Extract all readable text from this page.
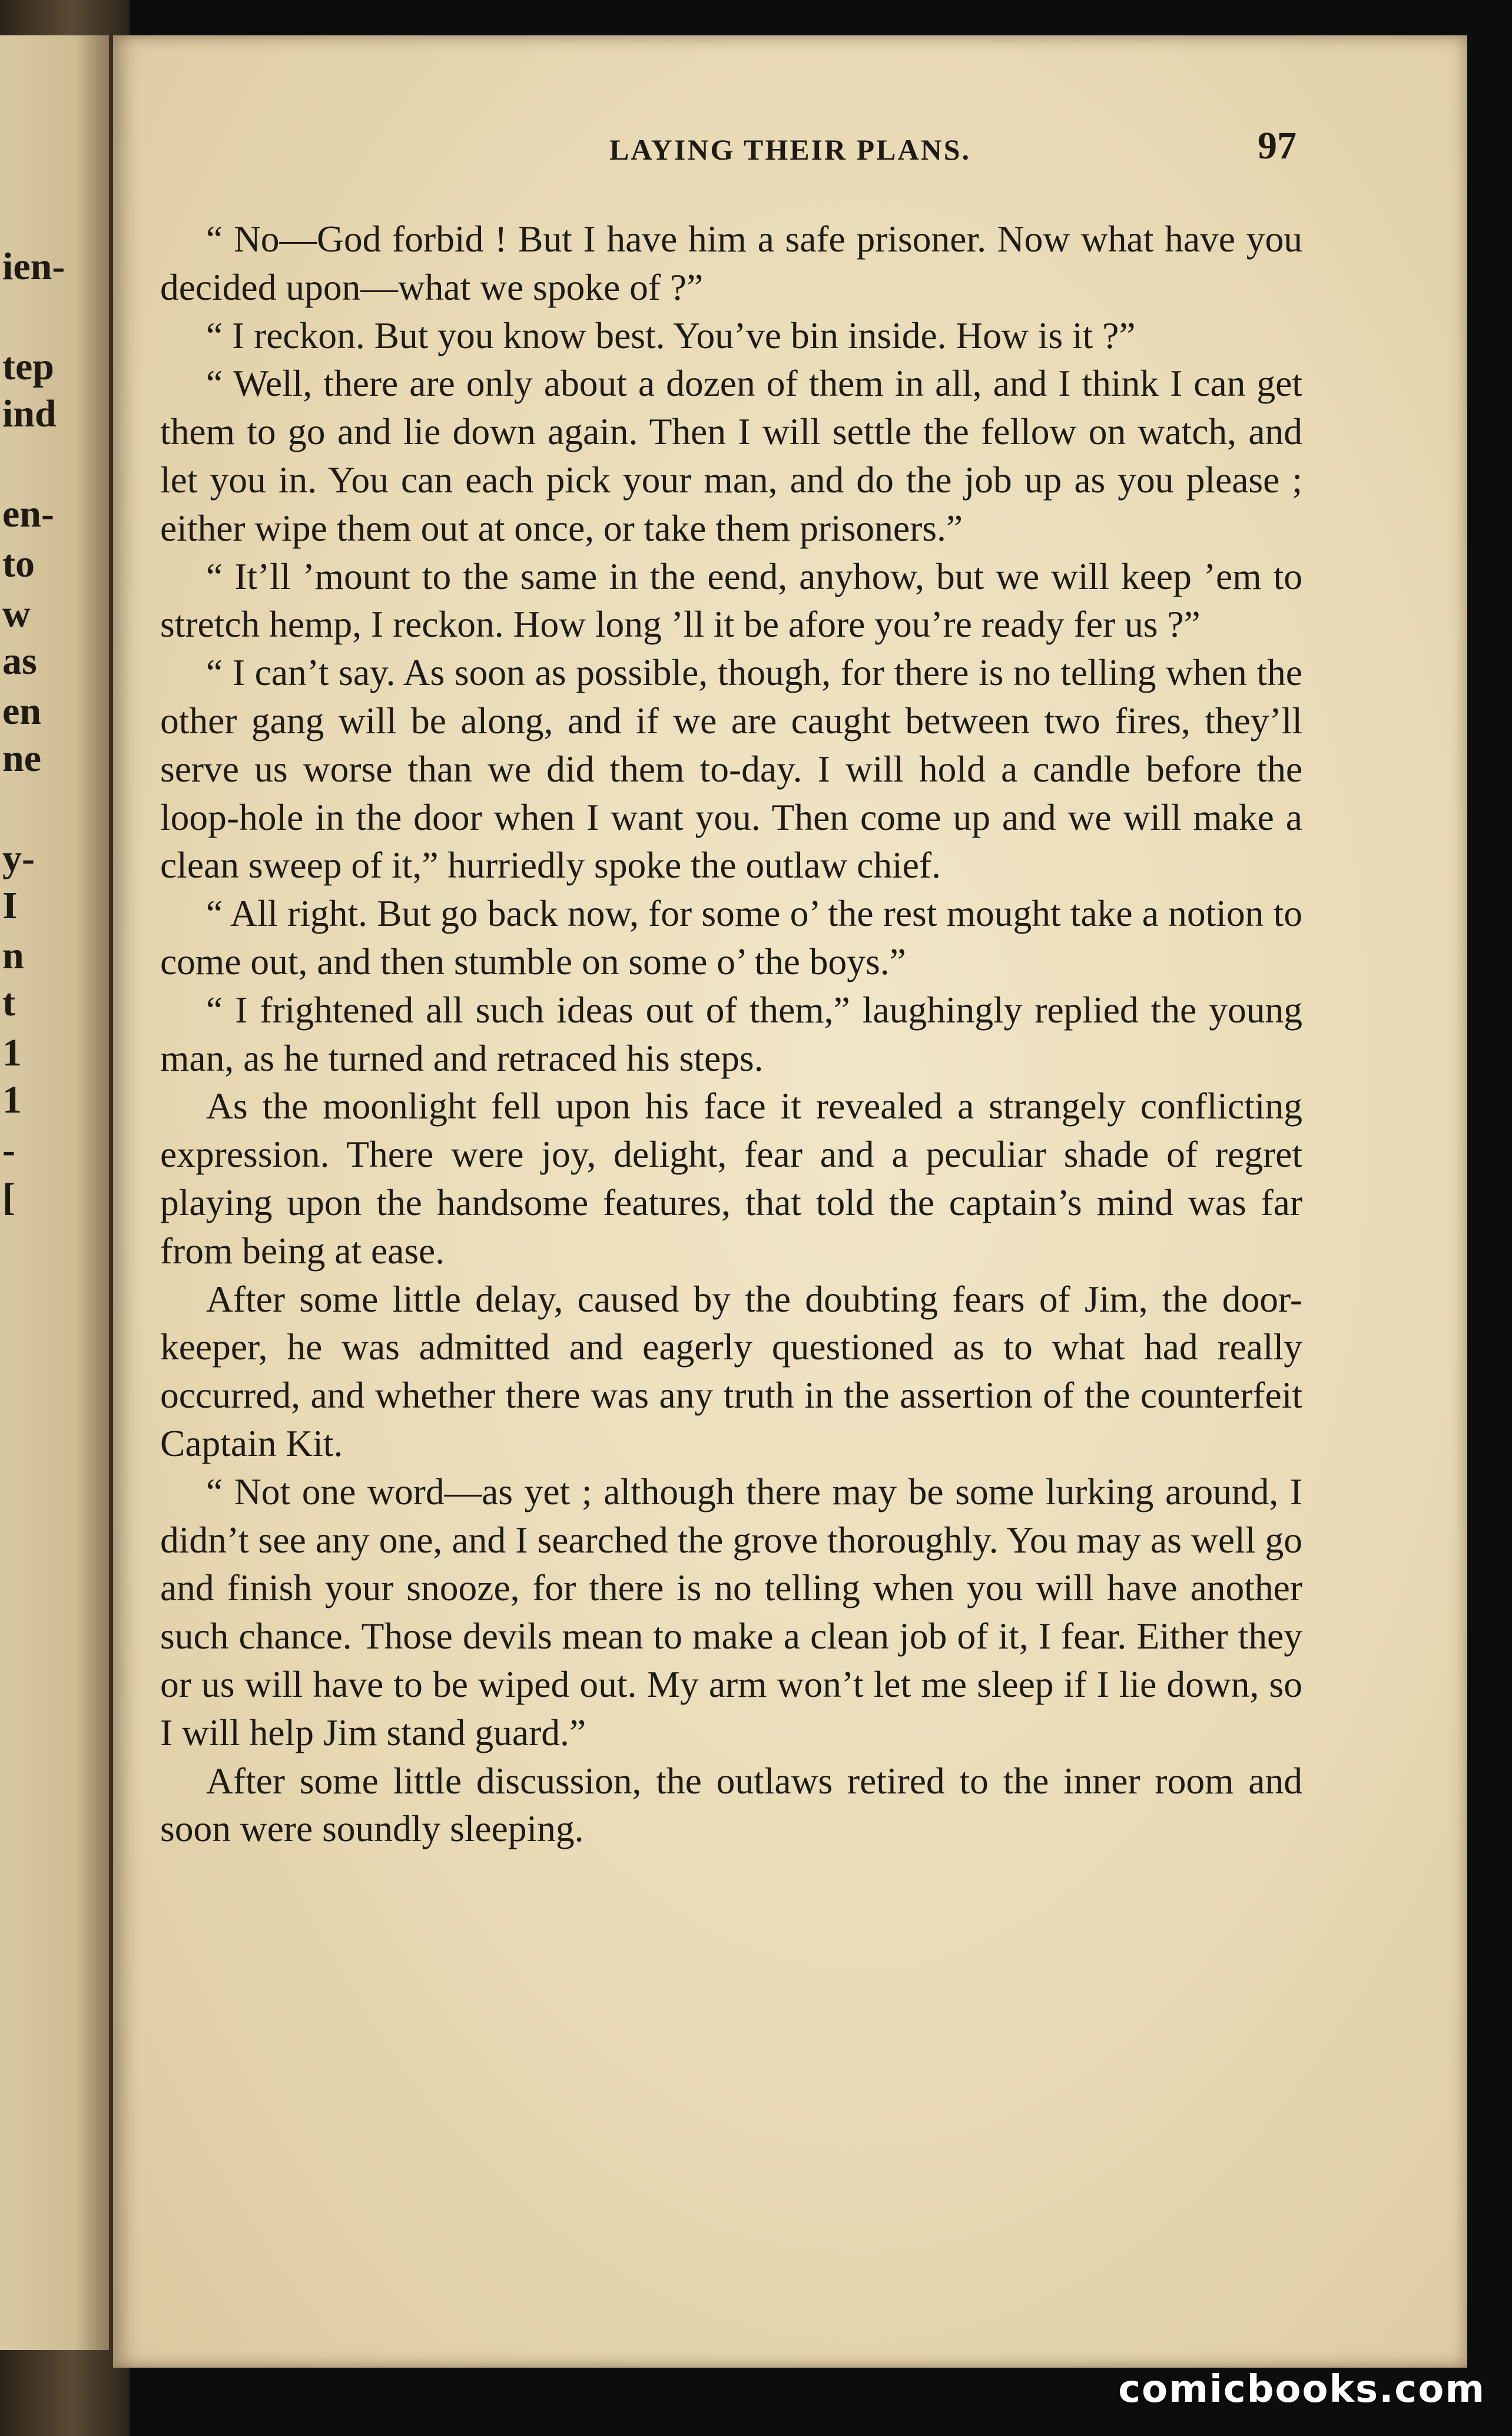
ien-
tep
ind
en-
to
w
as
en
ne
y-
I
n
t
1
1
-
[
LAYING THEIR PLANS.	97

“ No—God forbid ! But I have him a safe prisoner. Now what have you decided upon—what we spoke of ?”

“ I reckon. But you know best. You’ve bin inside. How is it ?”

“ Well, there are only about a dozen of them in all, and I think I can get them to go and lie down again. Then I will settle the fellow on watch, and let you in. You can each pick your man, and do the job up as you please ; either wipe them out at once, or take them prisoners.”

“ It’ll ’mount to the same in the eend, anyhow, but we will keep ’em to stretch hemp, I reckon. How long ’ll it be afore you’re ready fer us ?”

“ I can’t say. As soon as possible, though, for there is no telling when the other gang will be along, and if we are caught between two fires, they’ll serve us worse than we did them to-day. I will hold a candle before the loop-hole in the door when I want you. Then come up and we will make a clean sweep of it,” hurriedly spoke the outlaw chief.

“ All right. But go back now, for some o’ the rest mought take a notion to come out, and then stumble on some o’ the boys.”

“ I frightened all such ideas out of them,” laughingly replied the young man, as he turned and retraced his steps.

As the moonlight fell upon his face it revealed a strangely conflicting expression. There were joy, delight, fear and a peculiar shade of regret playing upon the handsome features, that told the captain’s mind was far from being at ease.

After some little delay, caused by the doubting fears of Jim, the door-keeper, he was admitted and eagerly questioned as to what had really occurred, and whether there was any truth in the assertion of the counterfeit Captain Kit.

“ Not one word—as yet ; although there may be some lurking around, I didn’t see any one, and I searched the grove thoroughly. You may as well go and finish your snooze, for there is no telling when you will have another such chance. Those devils mean to make a clean job of it, I fear. Either they or us will have to be wiped out. My arm won’t let me sleep if I lie down, so I will help Jim stand guard.”

After some little discussion, the outlaws retired to the inner room and soon were soundly sleeping.

comicbooks.com
